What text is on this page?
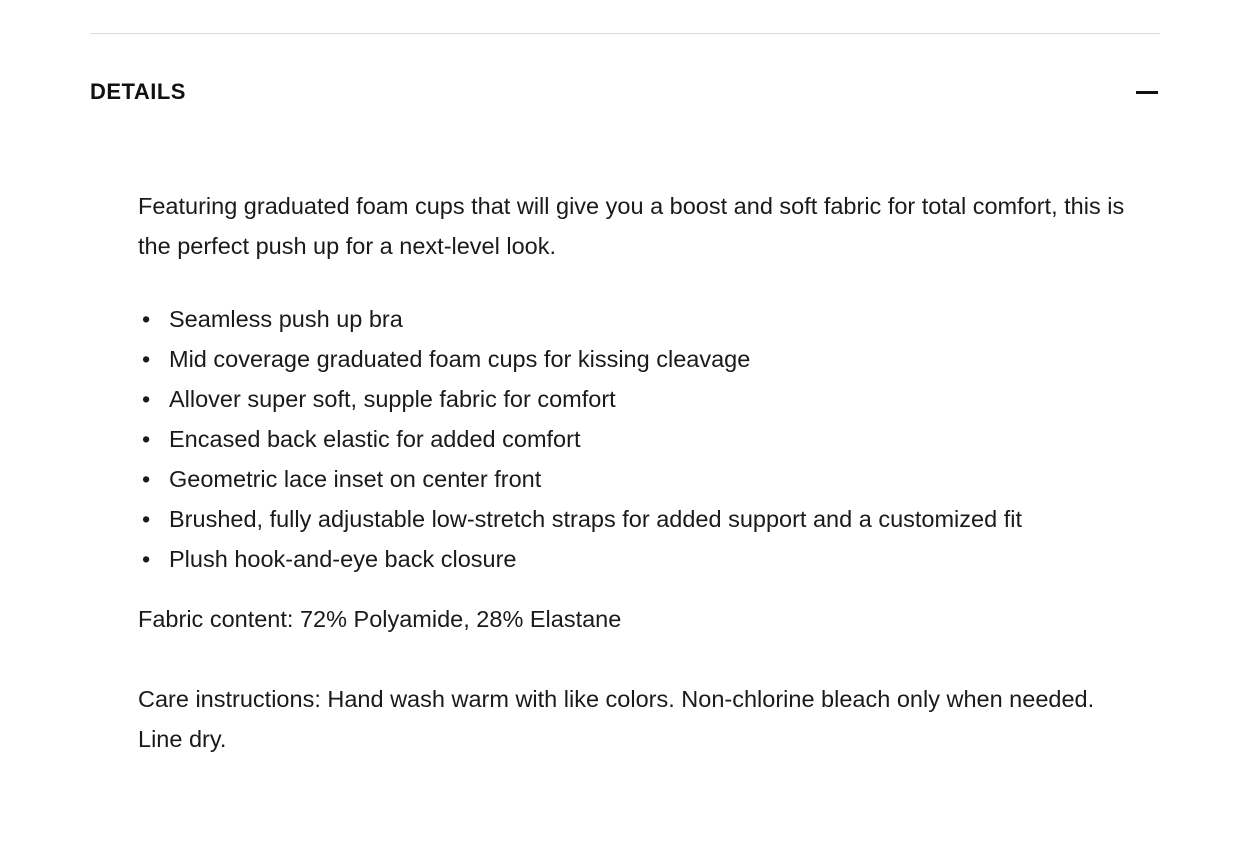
DETAILS

Featuring graduated foam cups that will give you a boost and soft fabric for total comfort, this is the perfect push up for a next-level look.

• Seamless push up bra
• Mid coverage graduated foam cups for kissing cleavage
• Allover super soft, supple fabric for comfort
• Encased back elastic for added comfort
• Geometric lace inset on center front
• Brushed, fully adjustable low-stretch straps for added support and a customized fit
• Plush hook-and-eye back closure

Fabric content: 72% Polyamide, 28% Elastane

Care instructions: Hand wash warm with like colors. Non-chlorine bleach only when needed. Line dry.
